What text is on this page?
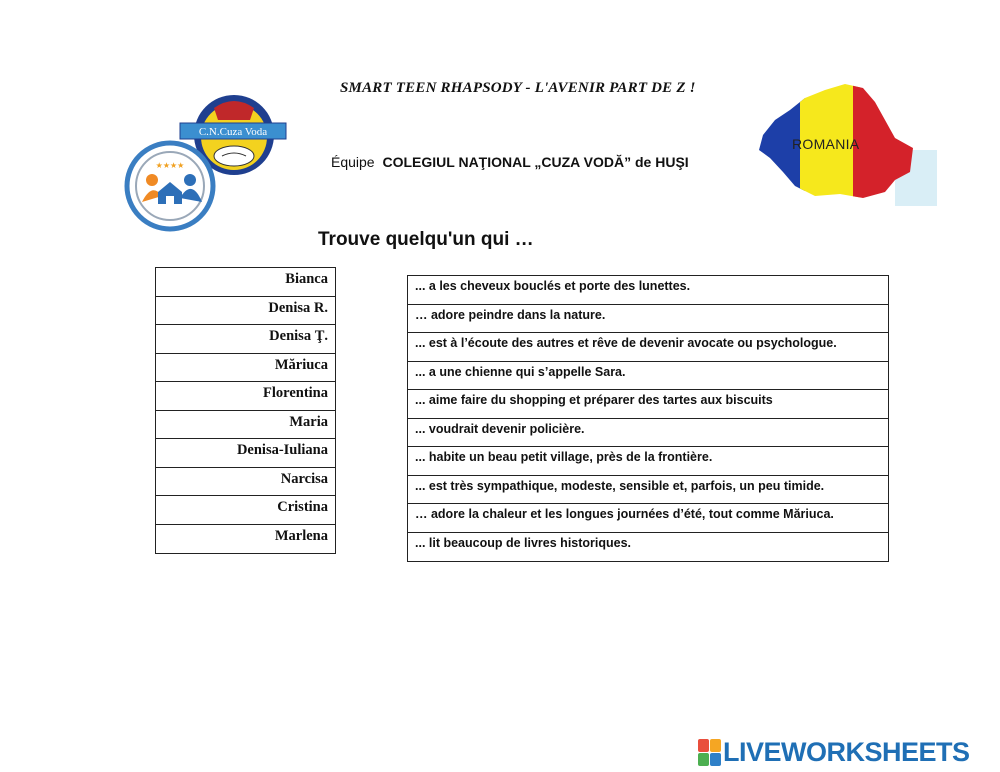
SMART TEEN RHAPSODY - L'AVENIR PART DE Z !
Équipe COLEGIUL NAŢIONAL „CUZA VODĂ” de HUŞI
C.N.Cuza Voda
★★★★
ROMANIA
Trouve quelqu'un qui …
Bianca
Denisa R.
Denisa Ţ.
Măriuca
Florentina
Maria
Denisa-Iuliana
Narcisa
Cristina
Marlena
... a les cheveux bouclés et porte des lunettes.
… adore peindre dans la nature.
... est à l’écoute des autres et rêve de devenir avocate ou psychologue.
... a une chienne qui s’appelle Sara.
... aime faire du shopping et préparer des tartes aux biscuits
... voudrait devenir policière.
... habite un beau petit village, près de la frontière.
... est très sympathique, modeste, sensible et, parfois, un peu timide.
… adore la chaleur et les longues journées d’été, tout comme Măriuca.
... lit beaucoup de livres historiques.
LIVEWORKSHEETS
